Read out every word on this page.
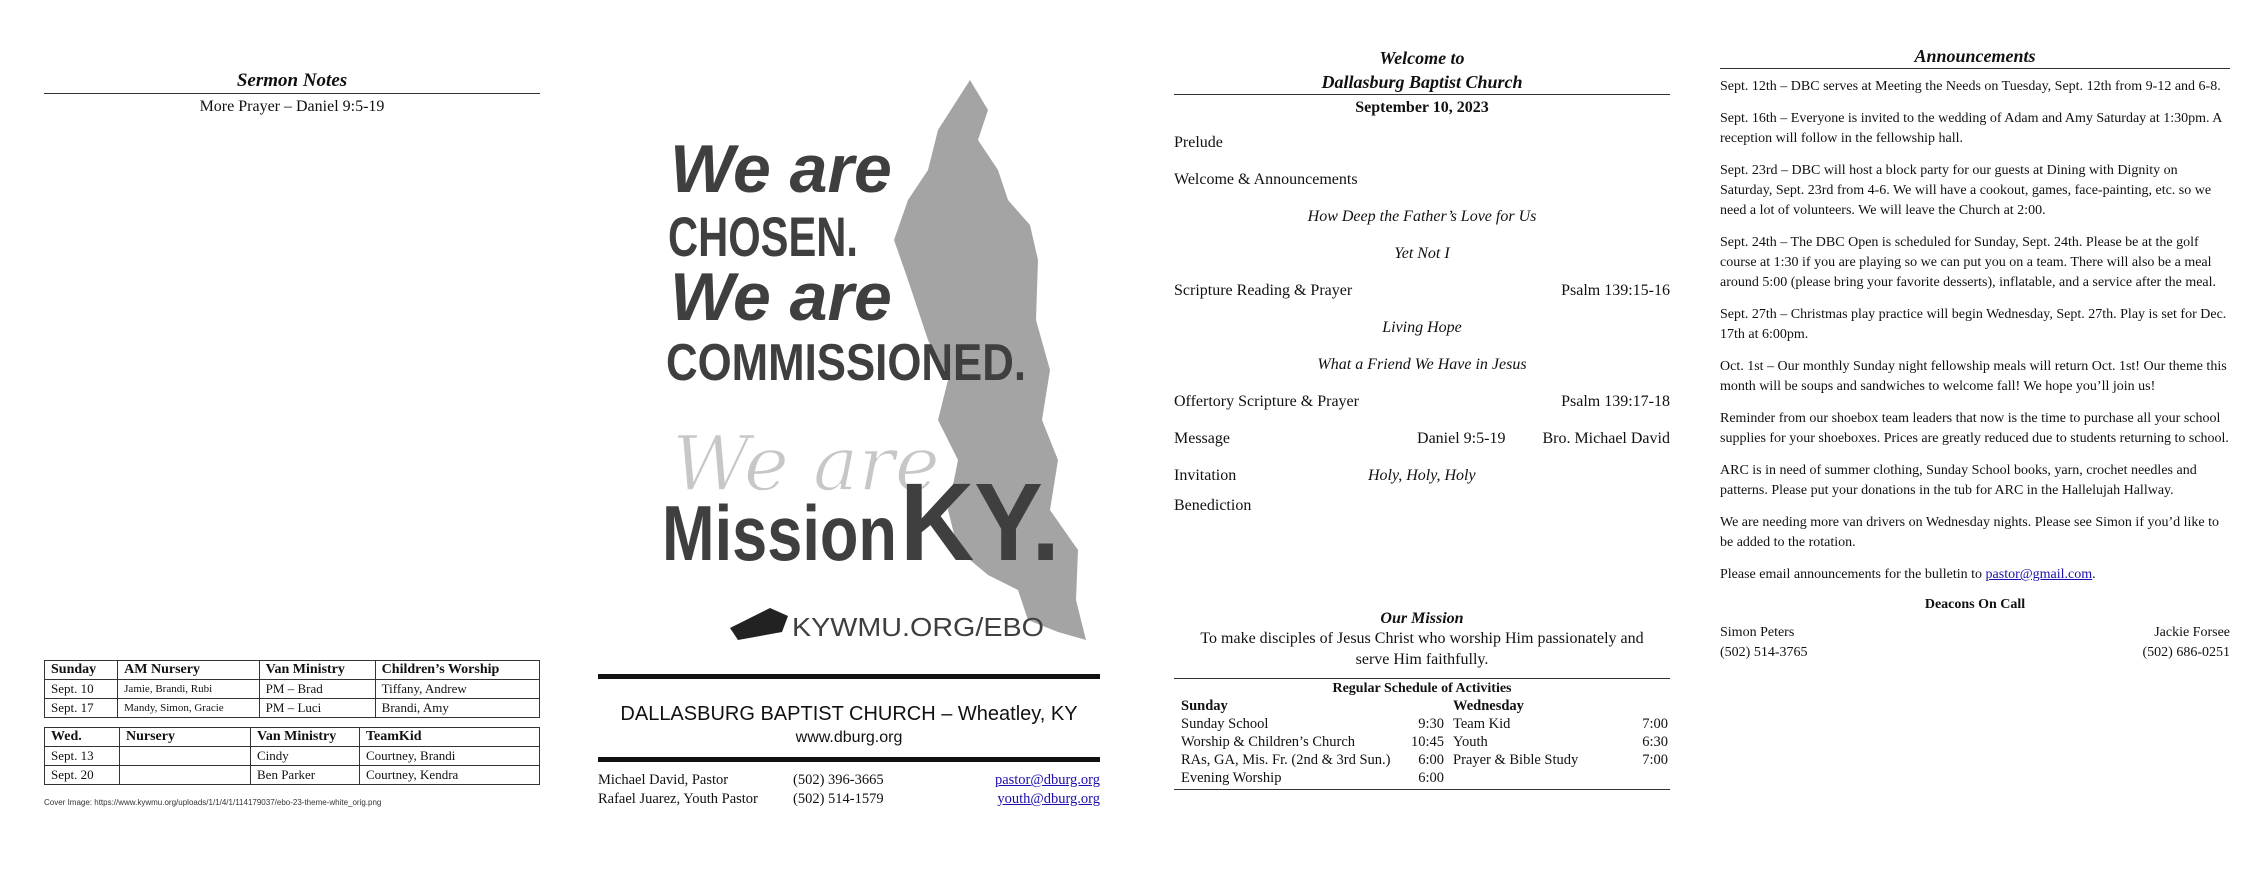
Sermon Notes
More Prayer – Daniel 9:5-19
Sunday	AM Nursery	Van Ministry	Children’s Worship
Sept. 10	Jamie, Brandi, Rubi	PM – Brad	Tiffany, Andrew
Sept. 17	Mandy, Simon, Gracie	PM – Luci	Brandi, Amy
Wed.	Nursery	Van Ministry	TeamKid
Sept. 13		Cindy	Courtney, Brandi
Sept. 20		Ben Parker	Courtney, Kendra
Cover Image: https://www.kywmu.org/uploads/1/1/4/1/114179037/ebo-23-theme-white_orig.png
We are
CHOSEN.
We are
COMMISSIONED.
We are
Mission KY.
KYWMU.ORG/EBO
DALLASBURG BAPTIST CHURCH – Wheatley, KY
www.dburg.org
Michael David, Pastor	(502) 396-3665	pastor@dburg.org
Rafael Juarez, Youth Pastor	(502) 514-1579	youth@dburg.org
Welcome to
Dallasburg Baptist Church
September 10, 2023
Prelude
Welcome & Announcements
How Deep the Father’s Love for Us
Yet Not I
Scripture Reading & Prayer	Psalm 139:15-16
Living Hope
What a Friend We Have in Jesus
Offertory Scripture & Prayer	Psalm 139:17-18
Message	Daniel 9:5-19 Bro. Michael David
Invitation	Holy, Holy, Holy
Benediction
Our Mission
To make disciples of Jesus Christ who worship Him passionately and serve Him faithfully.
Regular Schedule of Activities
Sunday
Sunday School	9:30
Worship & Children’s Church	10:45
RAs, GA, Mis. Fr. (2nd & 3rd Sun.) 6:00
Evening Worship	6:00
Wednesday
Team Kid	7:00
Youth	6:30
Prayer & Bible Study	7:00
Announcements
Sept. 12th – DBC serves at Meeting the Needs on Tuesday, Sept. 12th from 9-12 and 6-8.
Sept. 16th – Everyone is invited to the wedding of Adam and Amy Saturday at 1:30pm. A reception will follow in the fellowship hall.
Sept. 23rd – DBC will host a block party for our guests at Dining with Dignity on Saturday, Sept. 23rd from 4-6. We will have a cookout, games, face-painting, etc. so we need a lot of volunteers. We will leave the Church at 2:00.
Sept. 24th – The DBC Open is scheduled for Sunday, Sept. 24th. Please be at the golf course at 1:30 if you are playing so we can put you on a team. There will also be a meal around 5:00 (please bring your favorite desserts), inflatable, and a service after the meal.
Sept. 27th – Christmas play practice will begin Wednesday, Sept. 27th. Play is set for Dec. 17th at 6:00pm.
Oct. 1st – Our monthly Sunday night fellowship meals will return Oct. 1st! Our theme this month will be soups and sandwiches to welcome fall! We hope you’ll join us!
Reminder from our shoebox team leaders that now is the time to purchase all your school supplies for your shoeboxes. Prices are greatly reduced due to students returning to school.
ARC is in need of summer clothing, Sunday School books, yarn, crochet needles and patterns. Please put your donations in the tub for ARC in the Hallelujah Hallway.
We are needing more van drivers on Wednesday nights. Please see Simon if you’d like to be added to the rotation.
Please email announcements for the bulletin to pastor@gmail.com.
Deacons On Call
Simon Peters	Jackie Forsee
(502) 514-3765	(502) 686-0251
